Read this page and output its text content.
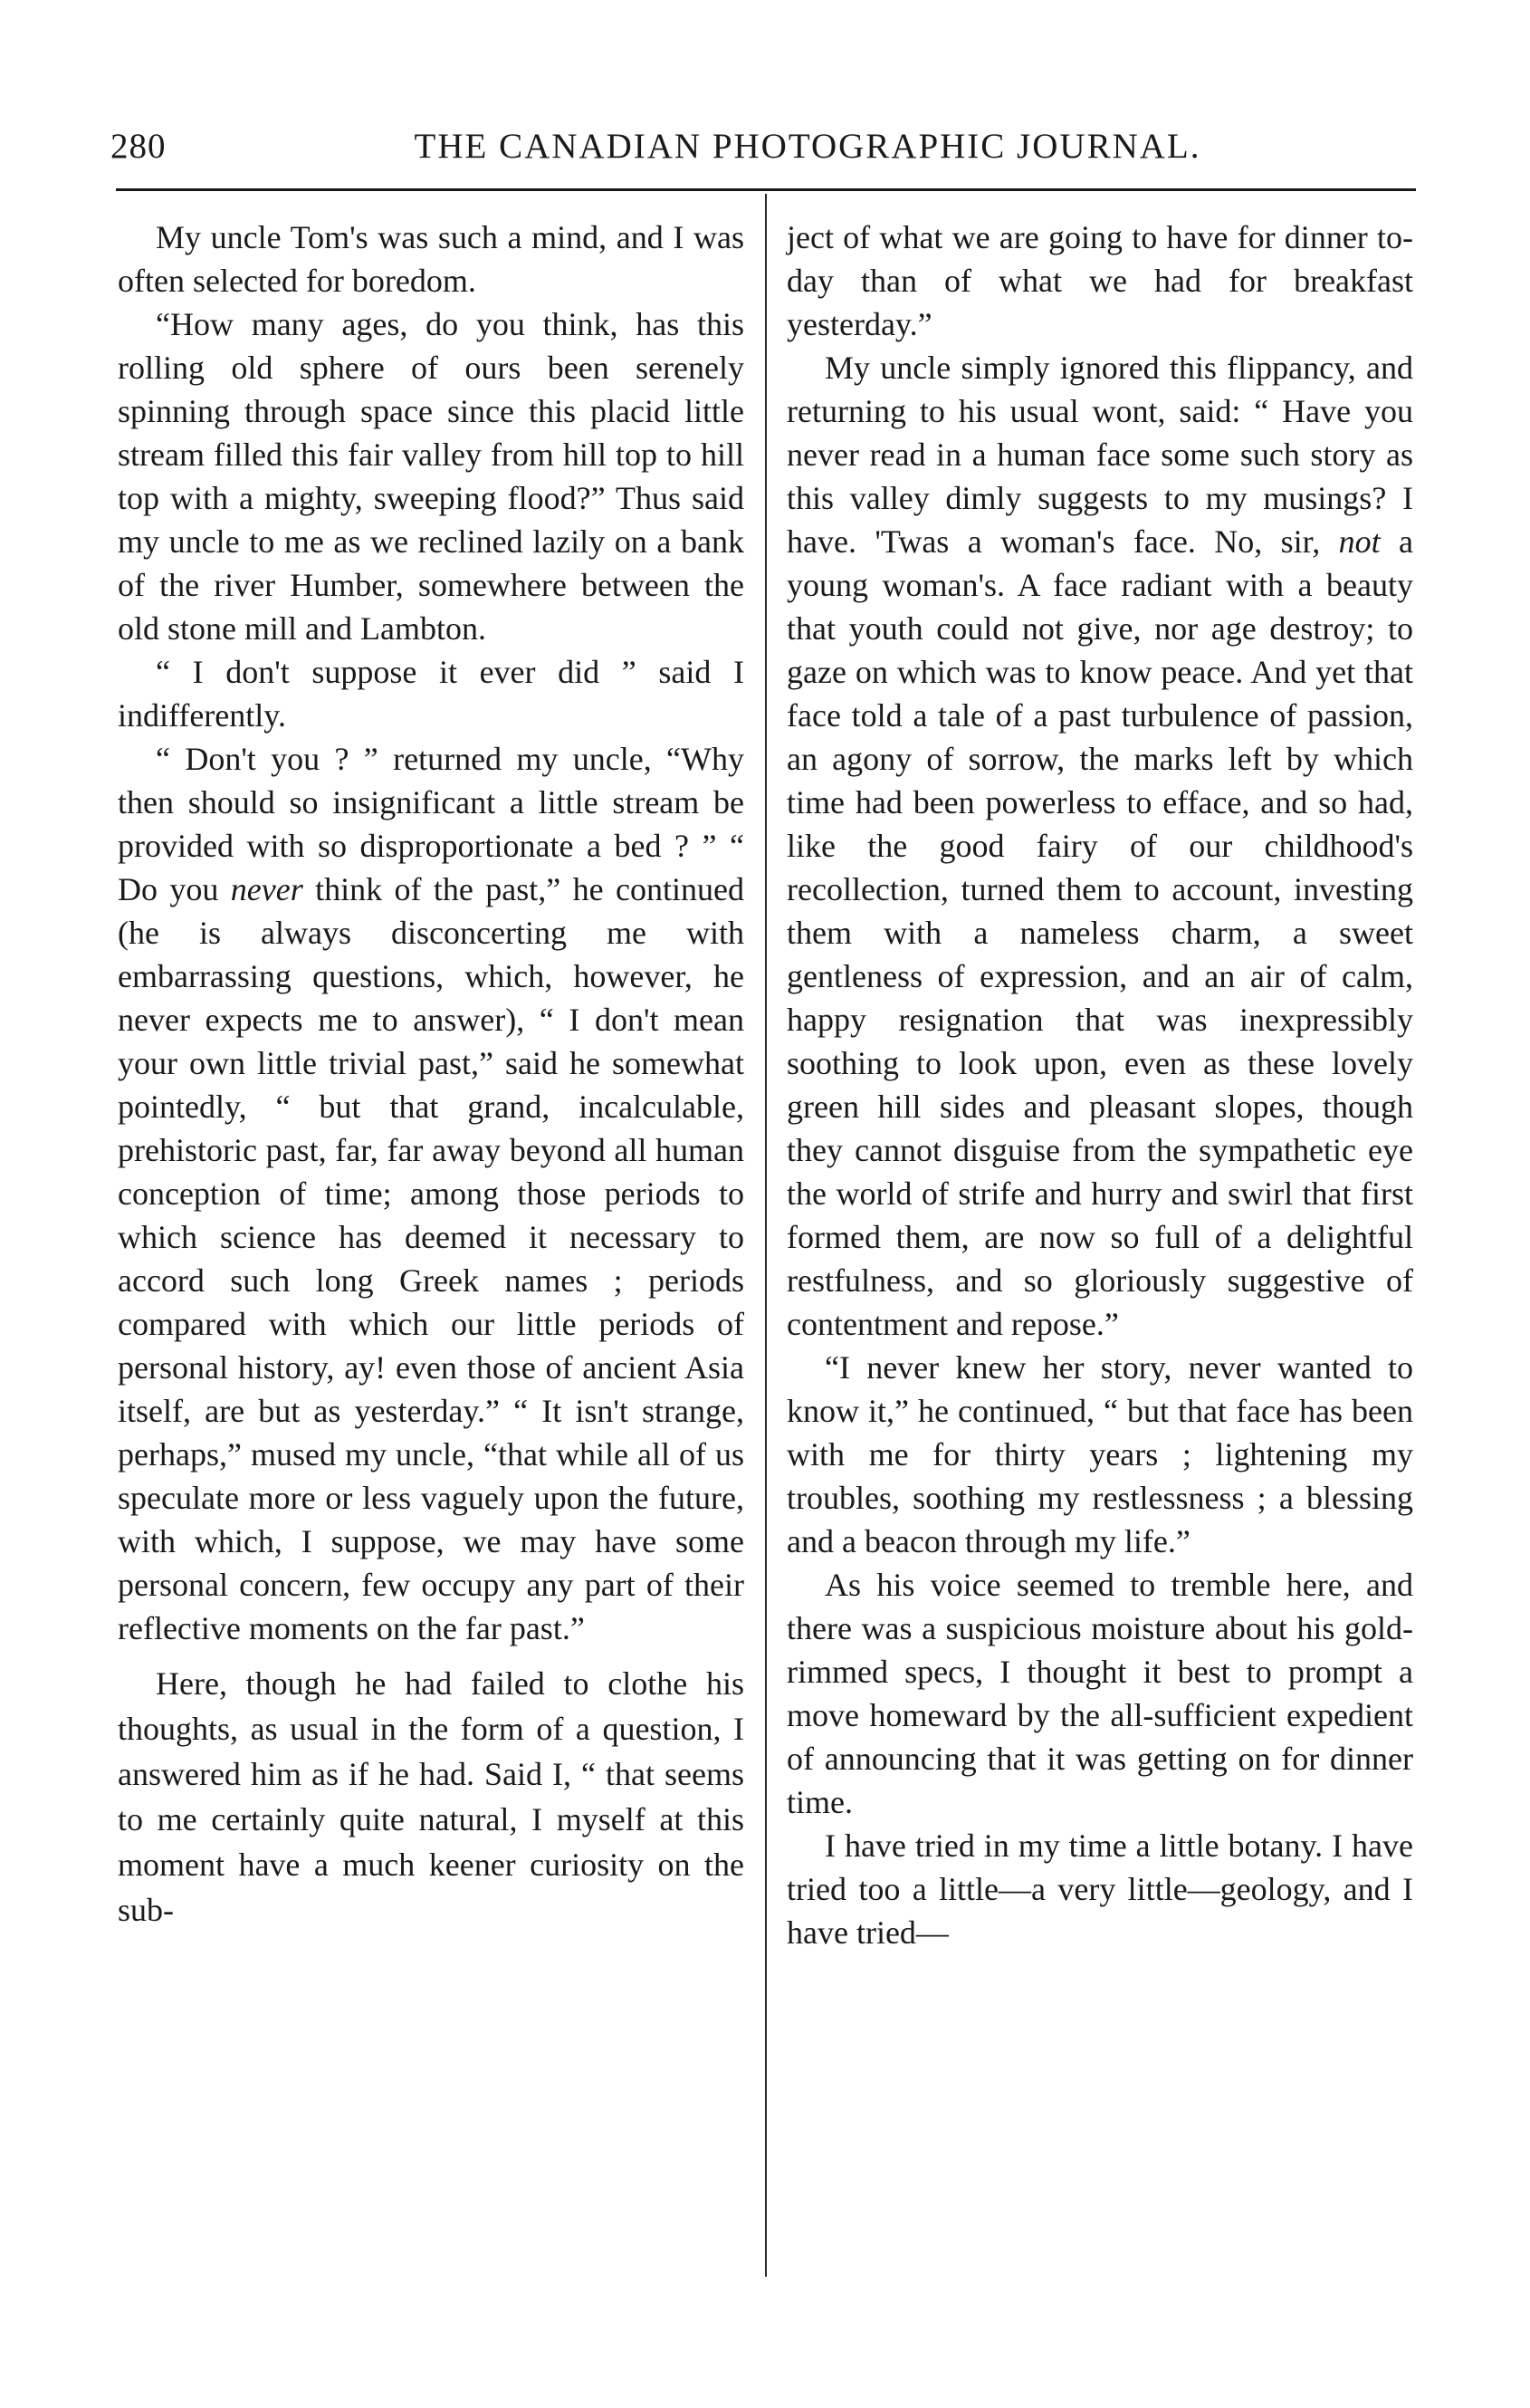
280	THE CANADIAN PHOTOGRAPHIC JOURNAL.

My uncle Tom's was such a mind, and I was often selected for boredom.

“How many ages, do you think, has this rolling old sphere of ours been serenely spinning through space since this placid little stream filled this fair valley from hill top to hill top with a mighty, sweeping flood?” Thus said my uncle to me as we reclined lazily on a bank of the river Humber, somewhere between the old stone mill and Lambton.

“ I don't suppose it ever did ” said I indifferently.

“ Don't you ? ” returned my uncle, “Why then should so insignificant a little stream be provided with so disproportionate a bed ? ” “ Do you never think of the past,” he continued (he is always disconcerting me with embarrassing questions, which, however, he never expects me to answer), “ I don't mean your own little trivial past,” said he somewhat pointedly, “ but that grand, incalculable, prehistoric past, far, far away beyond all human conception of time; among those periods to which science has deemed it necessary to accord such long Greek names ; periods compared with which our little periods of personal history, ay! even those of ancient Asia itself, are but as yesterday.” “ It isn't strange, perhaps,” mused my uncle, “that while all of us speculate more or less vaguely upon the future, with which, I suppose, we may have some personal concern, few occupy any part of their reflective moments on the far past.”

Here, though he had failed to clothe his thoughts, as usual in the form of a question, I answered him as if he had. Said I, “ that seems to me certainly quite natural, I myself at this moment have a much keener curiosity on the sub-

ject of what we are going to have for dinner to-day than of what we had for breakfast yesterday.”

My uncle simply ignored this flippancy, and returning to his usual wont, said: “ Have you never read in a human face some such story as this valley dimly suggests to my musings? I have. 'Twas a woman's face. No, sir, not a young woman's. A face radiant with a beauty that youth could not give, nor age destroy; to gaze on which was to know peace. And yet that face told a tale of a past turbulence of passion, an agony of sorrow, the marks left by which time had been powerless to efface, and so had, like the good fairy of our childhood's recollection, turned them to account, investing them with a nameless charm, a sweet gentleness of expression, and an air of calm, happy resignation that was inexpressibly soothing to look upon, even as these lovely green hill sides and pleasant slopes, though they cannot disguise from the sympathetic eye the world of strife and hurry and swirl that first formed them, are now so full of a delightful restfulness, and so gloriously suggestive of contentment and repose.”

“I never knew her story, never wanted to know it,” he continued, “ but that face has been with me for thirty years ; lightening my troubles, soothing my restlessness ; a blessing and a beacon through my life.”

As his voice seemed to tremble here, and there was a suspicious moisture about his gold-rimmed specs, I thought it best to prompt a move homeward by the all-sufficient expedient of announcing that it was getting on for dinner time.

I have tried in my time a little botany. I have tried too a little—a very little—geology, and I have tried—
